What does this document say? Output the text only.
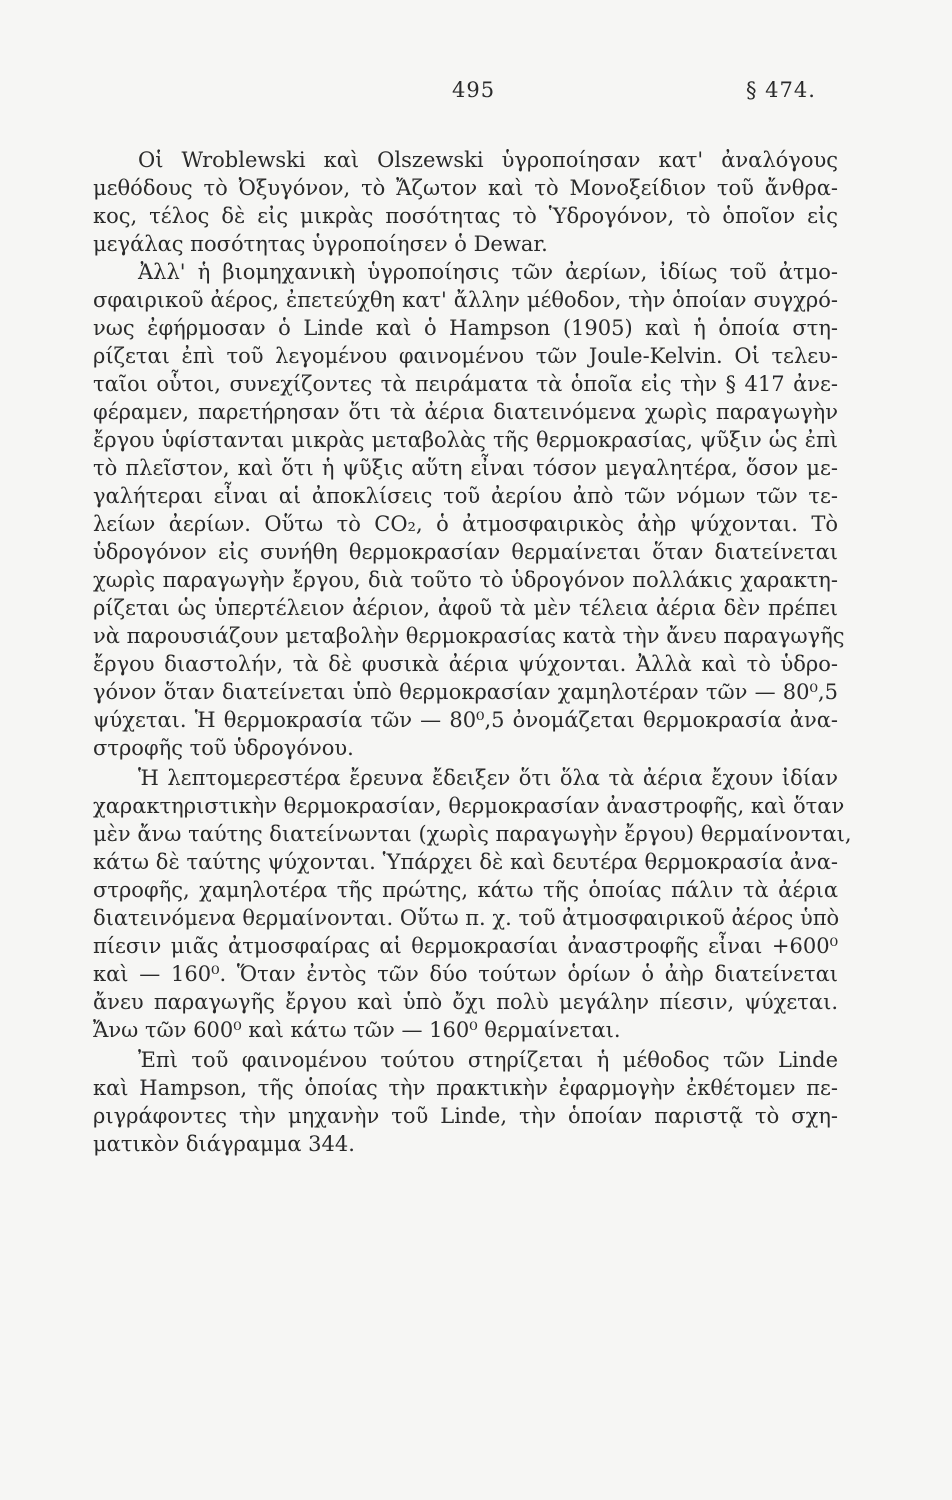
495	§ 474.
Οἱ Wroblewski καὶ Olszewski ὑγροποίησαν κατ' ἀναλόγους
μεθόδους τὸ Ὀξυγόνον, τὸ Ἄζωτον καὶ τὸ Μονοξείδιον τοῦ ἄνθρα-
κος, τέλος δὲ εἰς μικρὰς ποσότητας τὸ Ὑδρογόνον, τὸ ὁποῖον εἰς
μεγάλας ποσότητας ὑγροποίησεν ὁ Dewar.
Ἀλλ' ἡ βιομηχανικὴ ὑγροποίησις τῶν ἀερίων, ἰδίως τοῦ ἀτμο-
σφαιρικοῦ ἀέρος, ἐπετεύχθη κατ' ἄλλην μέθοδον, τὴν ὁποίαν συγχρό-
νως ἐφήρμοσαν ὁ Linde καὶ ὁ Hampson (1905) καὶ ἡ ὁποία στη-
ρίζεται ἐπὶ τοῦ λεγομένου φαινομένου τῶν Joule-Kelvin. Οἱ τελευ-
ταῖοι οὗτοι, συνεχίζοντες τὰ πειράματα τὰ ὁποῖα εἰς τὴν § 417 ἀνε-
φέραμεν, παρετήρησαν ὅτι τὰ ἀέρια διατεινόμενα χωρὶς παραγωγὴν
ἔργου ὑφίστανται μικρὰς μεταβολὰς τῆς θερμοκρασίας, ψῦξιν ὡς ἐπὶ
τὸ πλεῖστον, καὶ ὅτι ἡ ψῦξις αὕτη εἶναι τόσον μεγαλητέρα, ὅσον με-
γαλήτεραι εἶναι αἱ ἀποκλίσεις τοῦ ἀερίου ἀπὸ τῶν νόμων τῶν τε-
λείων ἀερίων. Οὕτω τὸ CO₂, ὁ ἀτμοσφαιρικὸς ἀὴρ ψύχονται. Τὸ
ὑδρογόνον εἰς συνήθη θερμοκρασίαν θερμαίνεται ὅταν διατείνεται
χωρὶς παραγωγὴν ἔργου, διὰ τοῦτο τὸ ὑδρογόνον πολλάκις χαρακτη-
ρίζεται ὡς ὑπερτέλειον ἀέριον, ἀφοῦ τὰ μὲν τέλεια ἀέρια δὲν πρέπει
νὰ παρουσιάζουν μεταβολὴν θερμοκρασίας κατὰ τὴν ἄνευ παραγωγῆς
ἔργου διαστολήν, τὰ δὲ φυσικὰ ἀέρια ψύχονται. Ἀλλὰ καὶ τὸ ὑδρο-
γόνον ὅταν διατείνεται ὑπὸ θερμοκρασίαν χαμηλοτέραν τῶν — 80⁰,5
ψύχεται. Ἡ θερμοκρασία τῶν — 80⁰,5 ὀνομάζεται θερμοκρασία ἀνα-
στροφῆς τοῦ ὑδρογόνου.
Ἡ λεπτομερεστέρα ἔρευνα ἔδειξεν ὅτι ὅλα τὰ ἀέρια ἔχουν ἰδίαν
χαρακτηριστικὴν θερμοκρασίαν, θερμοκρασίαν ἀναστροφῆς, καὶ ὅταν
μὲν ἄνω ταύτης διατείνωνται (χωρὶς παραγωγὴν ἔργου) θερμαίνονται,
κάτω δὲ ταύτης ψύχονται. Ὑπάρχει δὲ καὶ δευτέρα θερμοκρασία ἀνα-
στροφῆς, χαμηλοτέρα τῆς πρώτης, κάτω τῆς ὁποίας πάλιν τὰ ἀέρια
διατεινόμενα θερμαίνονται. Οὕτω π. χ. τοῦ ἀτμοσφαιρικοῦ ἀέρος ὑπὸ
πίεσιν μιᾶς ἀτμοσφαίρας αἱ θερμοκρασίαι ἀναστροφῆς εἶναι +600⁰
καὶ — 160⁰. Ὅταν ἐντὸς τῶν δύο τούτων ὁρίων ὁ ἀὴρ διατείνεται
ἄνευ παραγωγῆς ἔργου καὶ ὑπὸ ὄχι πολὺ μεγάλην πίεσιν, ψύχεται.
Ἄνω τῶν 600⁰ καὶ κάτω τῶν — 160⁰ θερμαίνεται.
Ἐπὶ τοῦ φαινομένου τούτου στηρίζεται ἡ μέθοδος τῶν Linde
καὶ Hampson, τῆς ὁποίας τὴν πρακτικὴν ἐφαρμογὴν ἐκθέτομεν πε-
ριγράφοντες τὴν μηχανὴν τοῦ Linde, τὴν ὁποίαν παριστᾷ τὸ σχη-
ματικὸν διάγραμμα 344.
